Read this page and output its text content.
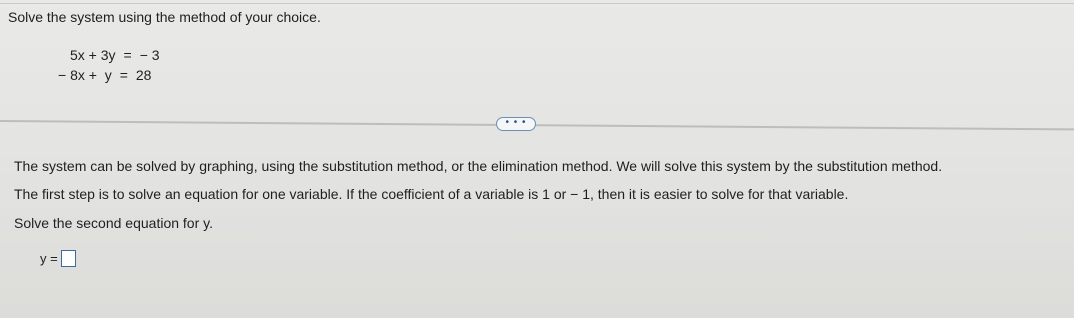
Solve the system using the method of your choice.
5x + 3y = − 3
− 8x +  y = 28
• • •
The system can be solved by graphing, using the substitution method, or the elimination method. We will solve this system by the substitution method.
The first step is to solve an equation for one variable. If the coefficient of a variable is 1 or − 1, then it is easier to solve for that variable.
Solve the second equation for y.
y =
